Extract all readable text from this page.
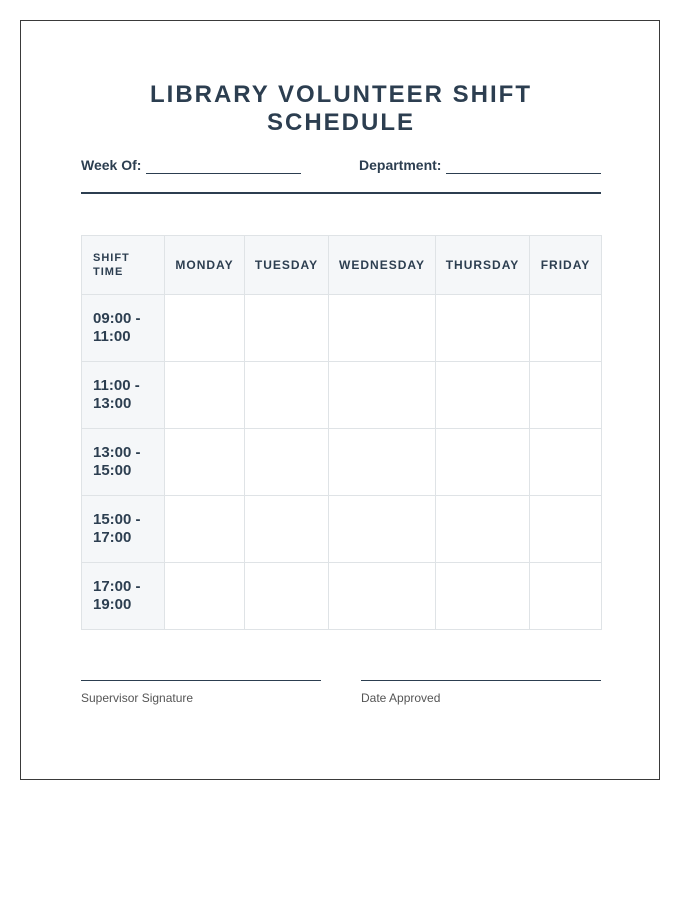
LIBRARY VOLUNTEER SHIFT SCHEDULE
Week Of:	Department:
SHIFT TIME	MONDAY	TUESDAY	WEDNESDAY	THURSDAY	FRIDAY
09:00 - 11:00					
11:00 - 13:00					
13:00 - 15:00					
15:00 - 17:00					
17:00 - 19:00					
Supervisor Signature	Date Approved
